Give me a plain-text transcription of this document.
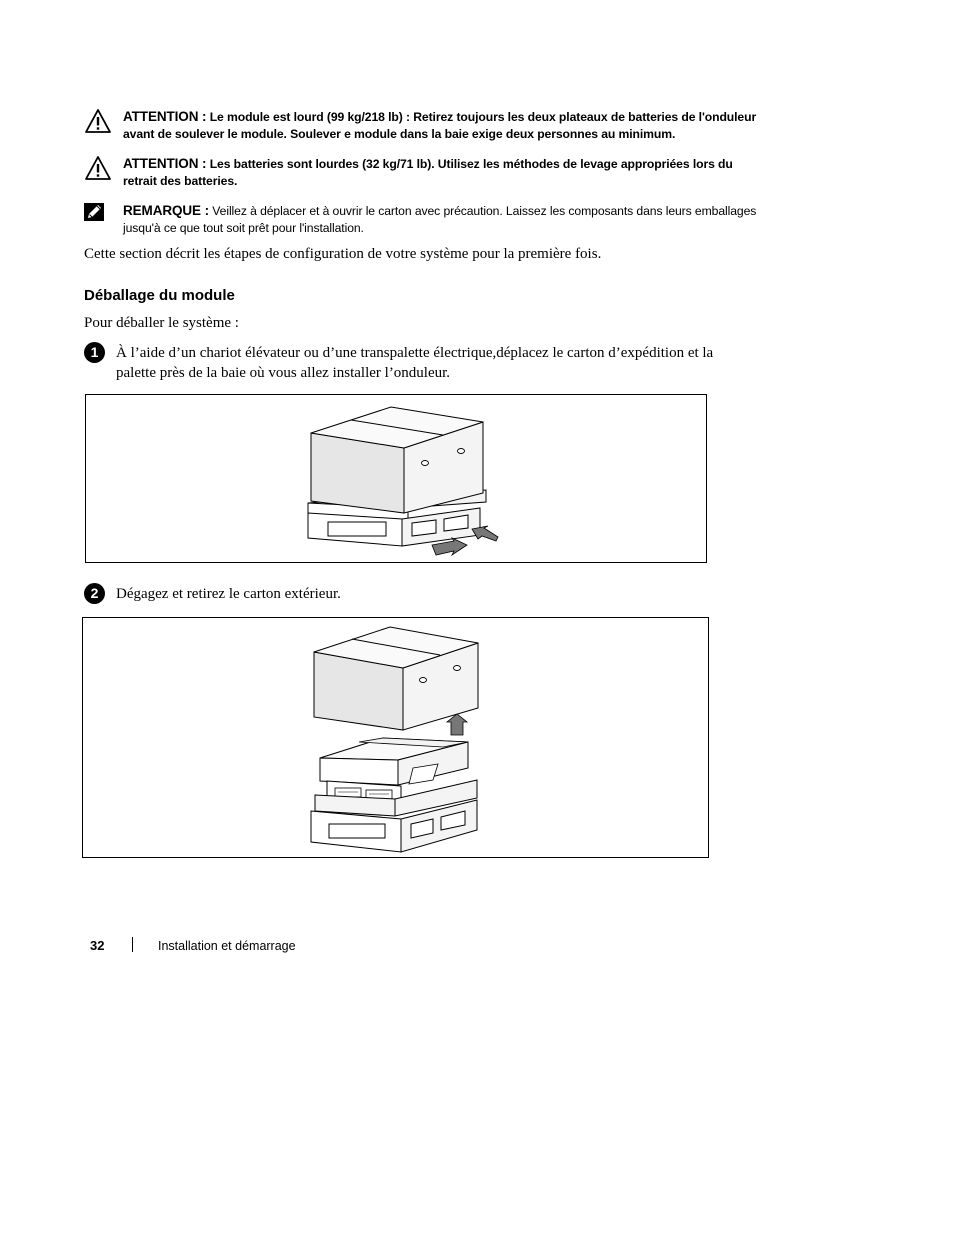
ATTENTION : Le module est lourd (99 kg/218 lb) : Retirez toujours les deux plateaux de batteries de l'onduleur avant de soulever le module. Soulever e module dans la baie exige deux personnes au minimum.
ATTENTION : Les batteries sont lourdes (32 kg/71 lb). Utilisez les méthodes de levage appropriées lors du retrait des batteries.
REMARQUE : Veillez à déplacer et à ouvrir le carton avec précaution. Laissez les composants dans leurs emballages jusqu'à ce que tout soit prêt pour l'installation.
Cette section décrit les étapes de configuration de votre système pour la première fois.
Déballage du module
Pour déballer le système :
1	À l’aide d’un chariot élévateur ou d’une transpalette électrique,déplacez le carton d’expédition et la palette près de la baie où vous allez installer l’onduleur.
2	Dégagez et retirez le carton extérieur.
32	Installation et démarrage
